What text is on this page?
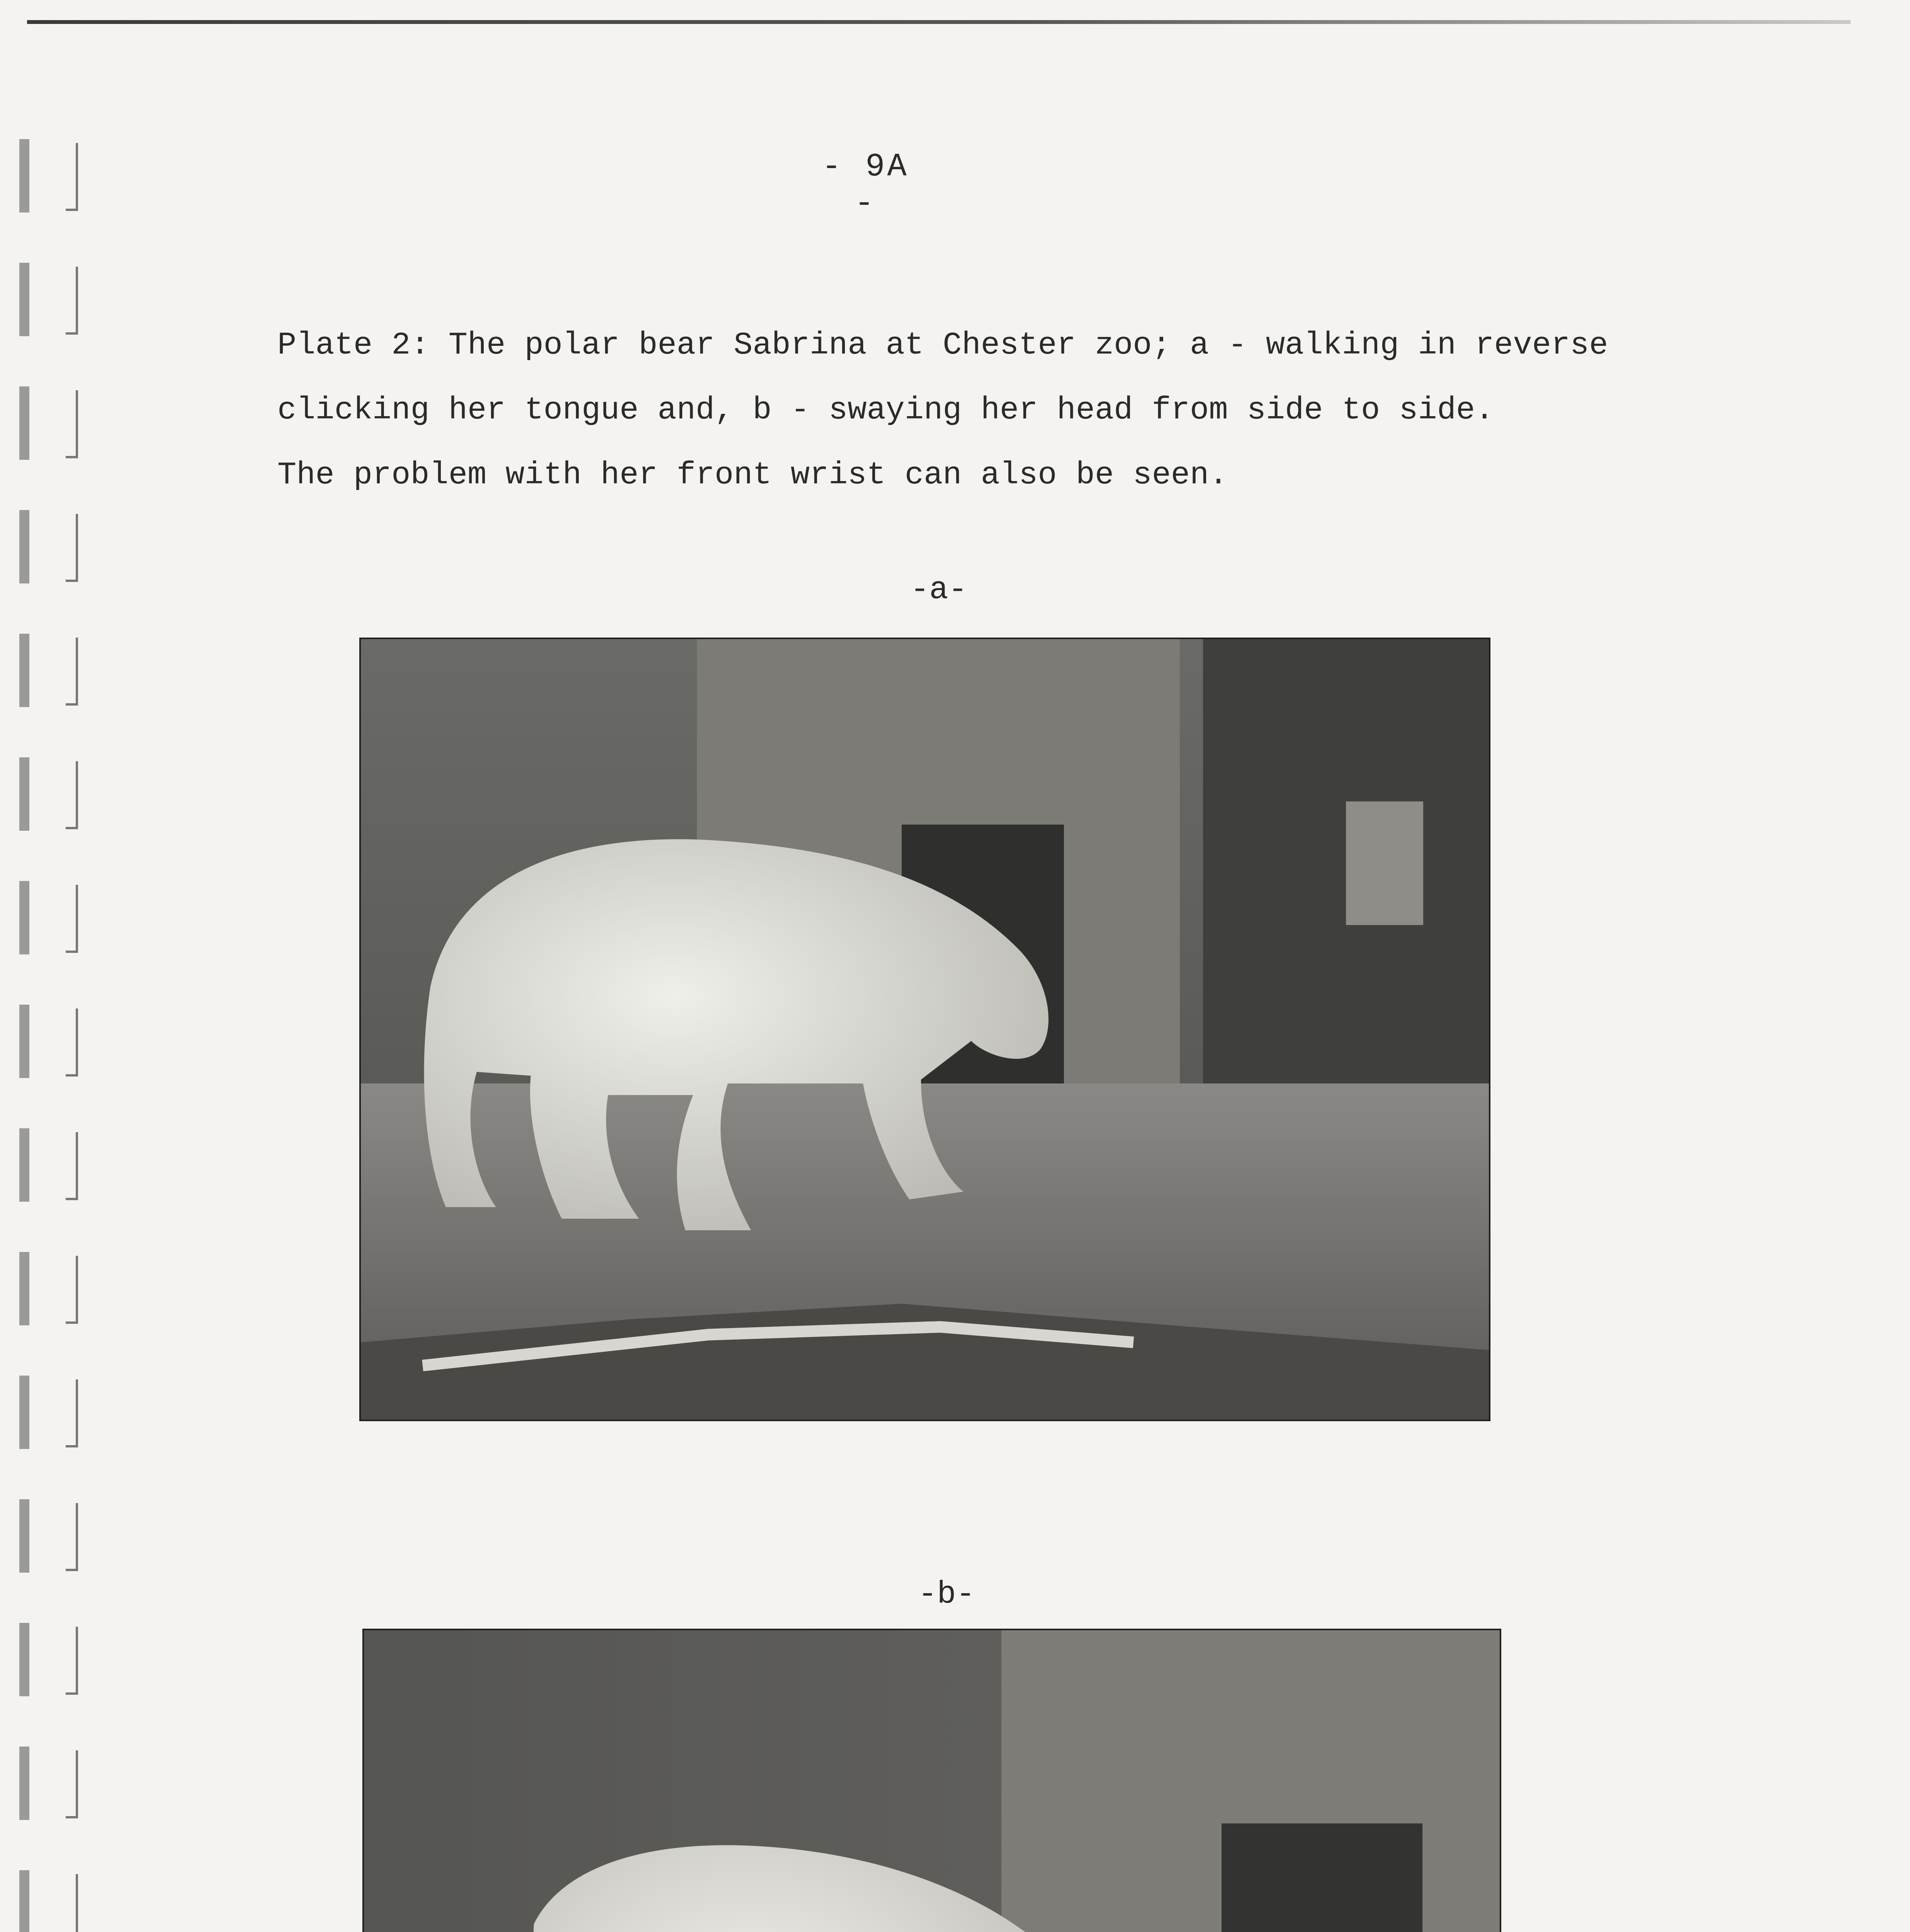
- 9A -
Plate 2: The polar bear Sabrina at Chester zoo; a - walking in reverse
clicking her tongue and, b - swaying her head from side to side.
The problem with her front wrist can also be seen.
-a-
-b-
